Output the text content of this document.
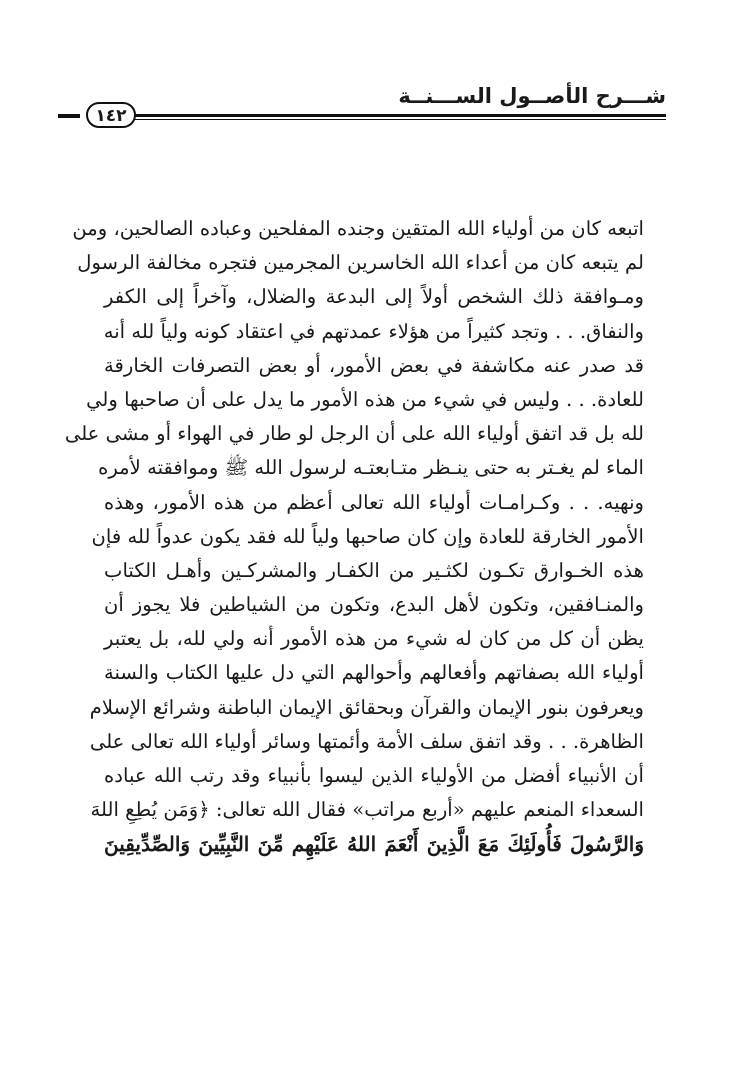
١٤٢
شـــرح الأصــول الســـنــة
اتبعه كان من أولياء الله المتقين وجنده المفلحين وعباده الصالحين، ومن
لم يتبعه كان من أعداء الله الخاسرين المجرمين فتجره مخالفة الرسول
ومـوافقة ذلك الشخص أولاً إلى البدعة والضلال، وآخراً إلى الكفر
والنفاق. . . وتجد كثيراً من هؤلاء عمدتهم في اعتقاد كونه ولياً لله أنه
قد صدر عنه مكاشفة في بعض الأمور، أو بعض التصرفات الخارقة
للعادة. . . وليس في شيء من هذه الأمور ما يدل على أن صاحبها ولي
لله بل قد اتفق أولياء الله على أن الرجل لو طار في الهواء أو مشى على
الماء لم يغـتر به حتى ينـظر متـابعتـه لرسول الله ﷺ وموافقته لأمره
ونهيه. . . وكـرامـات أولياء الله تعالى أعظم من هذه الأمور، وهذه
الأمور الخارقة للعادة وإن كان صاحبها ولياً لله فقد يكون عدواً لله فإن
هذه الخـوارق تكـون لكثـير من الكفـار والمشركـين وأهـل الكتاب
والمنـافقين، وتكون لأهل البدع، وتكون من الشياطين فلا يجوز أن
يظن أن كل من كان له شيء من هذه الأمور أنه ولي لله، بل يعتبر
أولياء الله بصفاتهم وأفعالهم وأحوالهم التي دل عليها الكتاب والسنة
ويعرفون بنور الإيمان والقرآن وبحقائق الإيمان الباطنة وشرائع الإسلام
الظاهرة. . . وقد اتفق سلف الأمة وأئمتها وسائر أولياء الله تعالى على
أن الأنبياء أفضل من الأولياء الذين ليسوا بأنبياء وقد رتب الله عباده
السعداء المنعم عليهم «أربع مراتب» فقال الله تعالى: ﴿وَمَن يُطِعِ اللهَ
وَالرَّسُولَ فَأُولَئِكَ مَعَ الَّذِينَ أَنْعَمَ اللهُ عَلَيْهِم مِّنَ النَّبِيِّينَ وَالصِّدِّيقِينَ
